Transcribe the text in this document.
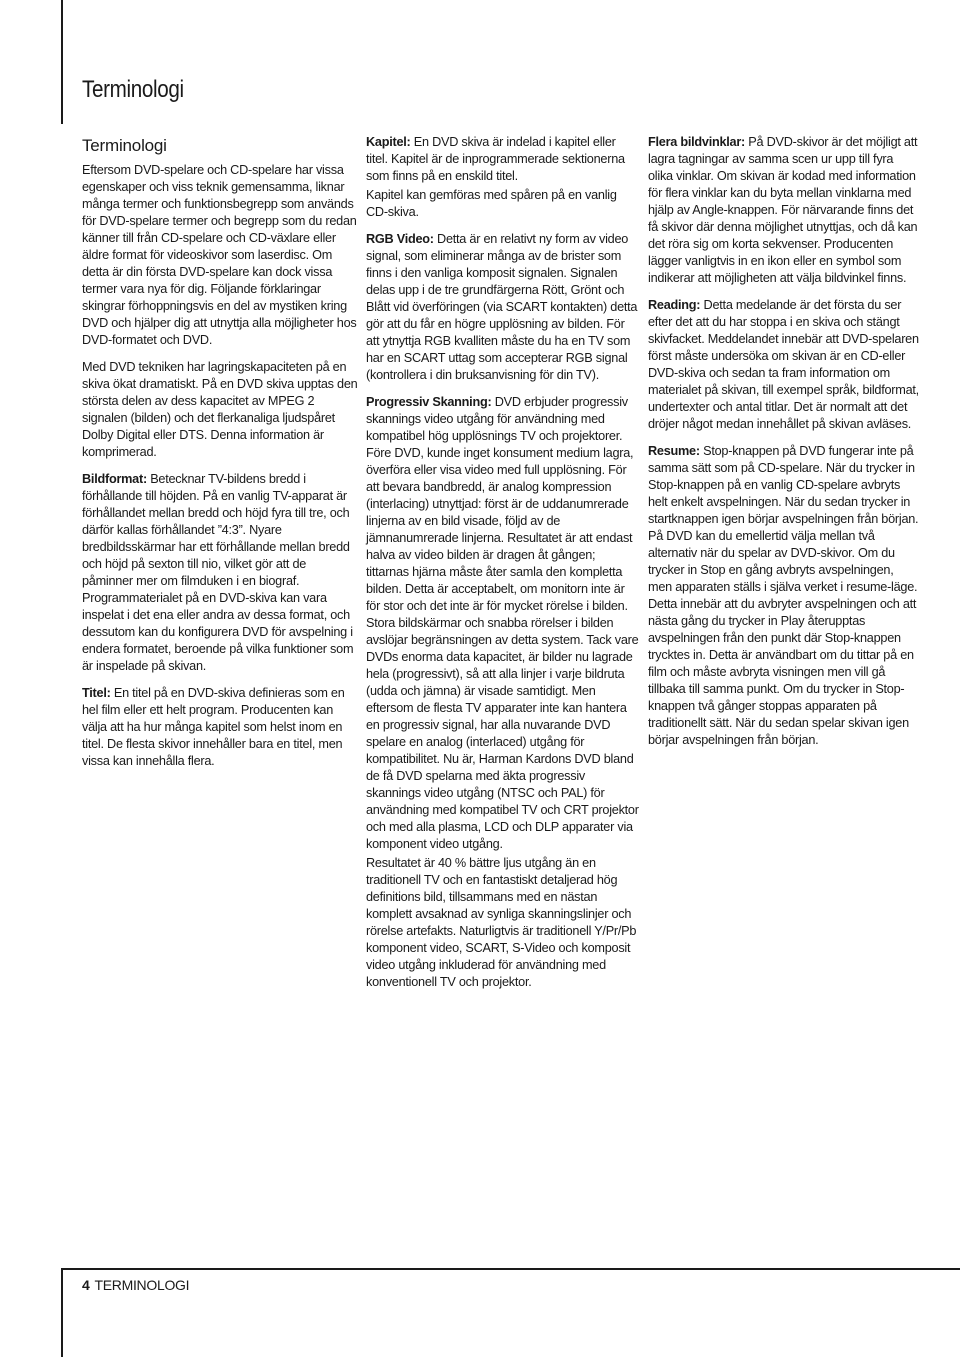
Terminologi
Terminologi

Eftersom DVD-spelare och CD-spelare har vissa egenskaper och viss teknik gemensamma, liknar många termer och funktionsbegrepp som används för DVD-spelare termer och begrepp som du redan känner till från CD-spelare och CD-växlare eller äldre format för videoskivor som laserdisc. Om detta är din första DVD-spelare kan dock vissa termer vara nya för dig. Följande förklaringar skingrar förhoppningsvis en del av mystiken kring DVD och hjälper dig att utnyttja alla möjligheter hos DVD-formatet och DVD.

Med DVD tekniken har lagringskapaciteten på en skiva ökat dramatiskt. På en DVD skiva upptas den största delen av dess kapacitet av MPEG 2 signalen (bilden) och det flerkanaliga ljudspåret Dolby Digital eller DTS. Denna information är komprimerad.

Bildformat: Betecknar TV-bildens bredd i förhållande till höjden. På en vanlig TV-apparat är förhållandet mellan bredd och höjd fyra till tre, och därför kallas förhållandet ”4:3”. Nyare bredbildsskärmar har ett förhållande mellan bredd och höjd på sexton till nio, vilket gör att de påminner mer om filmduken i en biograf. Programmaterialet på en DVD-skiva kan vara inspelat i det ena eller andra av dessa format, och dessutom kan du konfigurera DVD för avspelning i endera formatet, beroende på vilka funktioner som är inspelade på skivan.

Titel: En titel på en DVD-skiva definieras som en hel film eller ett helt program. Producenten kan välja att ha hur många kapitel som helst inom en titel. De flesta skivor innehåller bara en titel, men vissa kan innehålla flera.

Kapitel: En DVD skiva är indelad i kapitel eller titel. Kapitel är de inprogrammerade sektionerna som finns på en enskild titel.

Kapitel kan gemföras med spåren på en vanlig CD-skiva.

RGB Video: Detta är en relativt ny form av video signal, som eliminerar många av de brister som finns i den vanliga komposit signalen. Signalen delas upp i de tre grundfärgerna Rött, Grönt och Blått vid överföringen (via SCART kontakten) detta gör att du får en högre upplösning av bilden. För att ytnyttja RGB kvalliten måste du ha en TV som har en SCART uttag som accepterar RGB signal (kontrollera i din bruksanvisning för din TV).

Progressiv Skanning: DVD erbjuder progressiv skannings video utgång för användning med kompatibel hög upplösnings TV och projektorer. Före DVD, kunde inget konsument medium lagra, överföra eller visa video med full upplösning. För att bevara bandbredd, är analog kompression (interlacing) utnyttjad: först är de uddanumrerade linjerna av en bild visade, följd av de jämnanumrerade linjerna. Resultatet är att endast halva av video bilden är dragen åt gången; tittarnas hjärna måste åter samla den kompletta bilden. Detta är acceptabelt, om monitorn inte är för stor och det inte är för mycket rörelse i bilden. Stora bildskärmar och snabba rörelser i bilden avslöjar begränsningen av detta system. Tack vare DVDs enorma data kapacitet, är bilder nu lagrade hela (progressivt), så att alla linjer i varje bildruta (udda och jämna) är visade samtidigt. Men eftersom de flesta TV apparater inte kan hantera en progressiv signal, har alla nuvarande DVD spelare en analog (interlaced) utgång för kompatibilitet. Nu är, Harman Kardons DVD bland de få DVD spelarna med äkta progressiv skannings video utgång (NTSC och PAL) för användning med kompatibel TV och CRT projektor och med alla plasma, LCD och DLP apparater via komponent video utgång.

Resultatet är 40 % bättre ljus utgång än en traditionell TV och en fantastiskt detaljerad hög definitions bild, tillsammans med en nästan komplett avsaknad av synliga skanningslinjer och rörelse artefakts. Naturligtvis är traditionell Y/Pr/Pb komponent video, SCART, S-Video och komposit video utgång inkluderad för användning med konventionell TV och projektor.

Flera bildvinklar: På DVD-skivor är det möjligt att lagra tagningar av samma scen ur upp till fyra olika vinklar. Om skivan är kodad med information för flera vinklar kan du byta mellan vinklarna med hjälp av Angle-knappen. För närvarande finns det få skivor där denna möjlighet utnyttjas, och då kan det röra sig om korta sekvenser. Producenten lägger vanligtvis in en ikon eller en symbol som indikerar att möjligheten att välja bildvinkel finns.

Reading: Detta medelande är det första du ser efter det att du har stoppa i en skiva och stängt skivfacket. Meddelandet innebär att DVD-spelaren först måste undersöka om skivan är en CD-eller DVD-skiva och sedan ta fram information om materialet på skivan, till exempel språk, bildformat, undertexter och antal titlar. Det är normalt att det dröjer något medan innehållet på skivan avläses.

Resume: Stop-knappen på DVD fungerar inte på samma sätt som på CD-spelare. När du trycker in Stop-knappen på en vanlig CD-spelare avbryts helt enkelt avspelningen. När du sedan trycker in startknappen igen börjar avspelningen från början. På DVD kan du emellertid välja mellan två alternativ när du spelar av DVD-skivor. Om du trycker in Stop en gång avbryts avspelningen, men apparaten ställs i själva verket i resume-läge. Detta innebär att du avbryter avspelningen och att nästa gång du trycker in Play återupptas avspelningen från den punkt där Stop-knappen trycktes in. Detta är användbart om du tittar på en film och måste avbryta visningen men vill gå tillbaka till samma punkt. Om du trycker in Stop-knappen två gånger stoppas apparaten på traditionellt sätt. När du sedan spelar skivan igen börjar avspelningen från början.

4 TERMINOLOGI
